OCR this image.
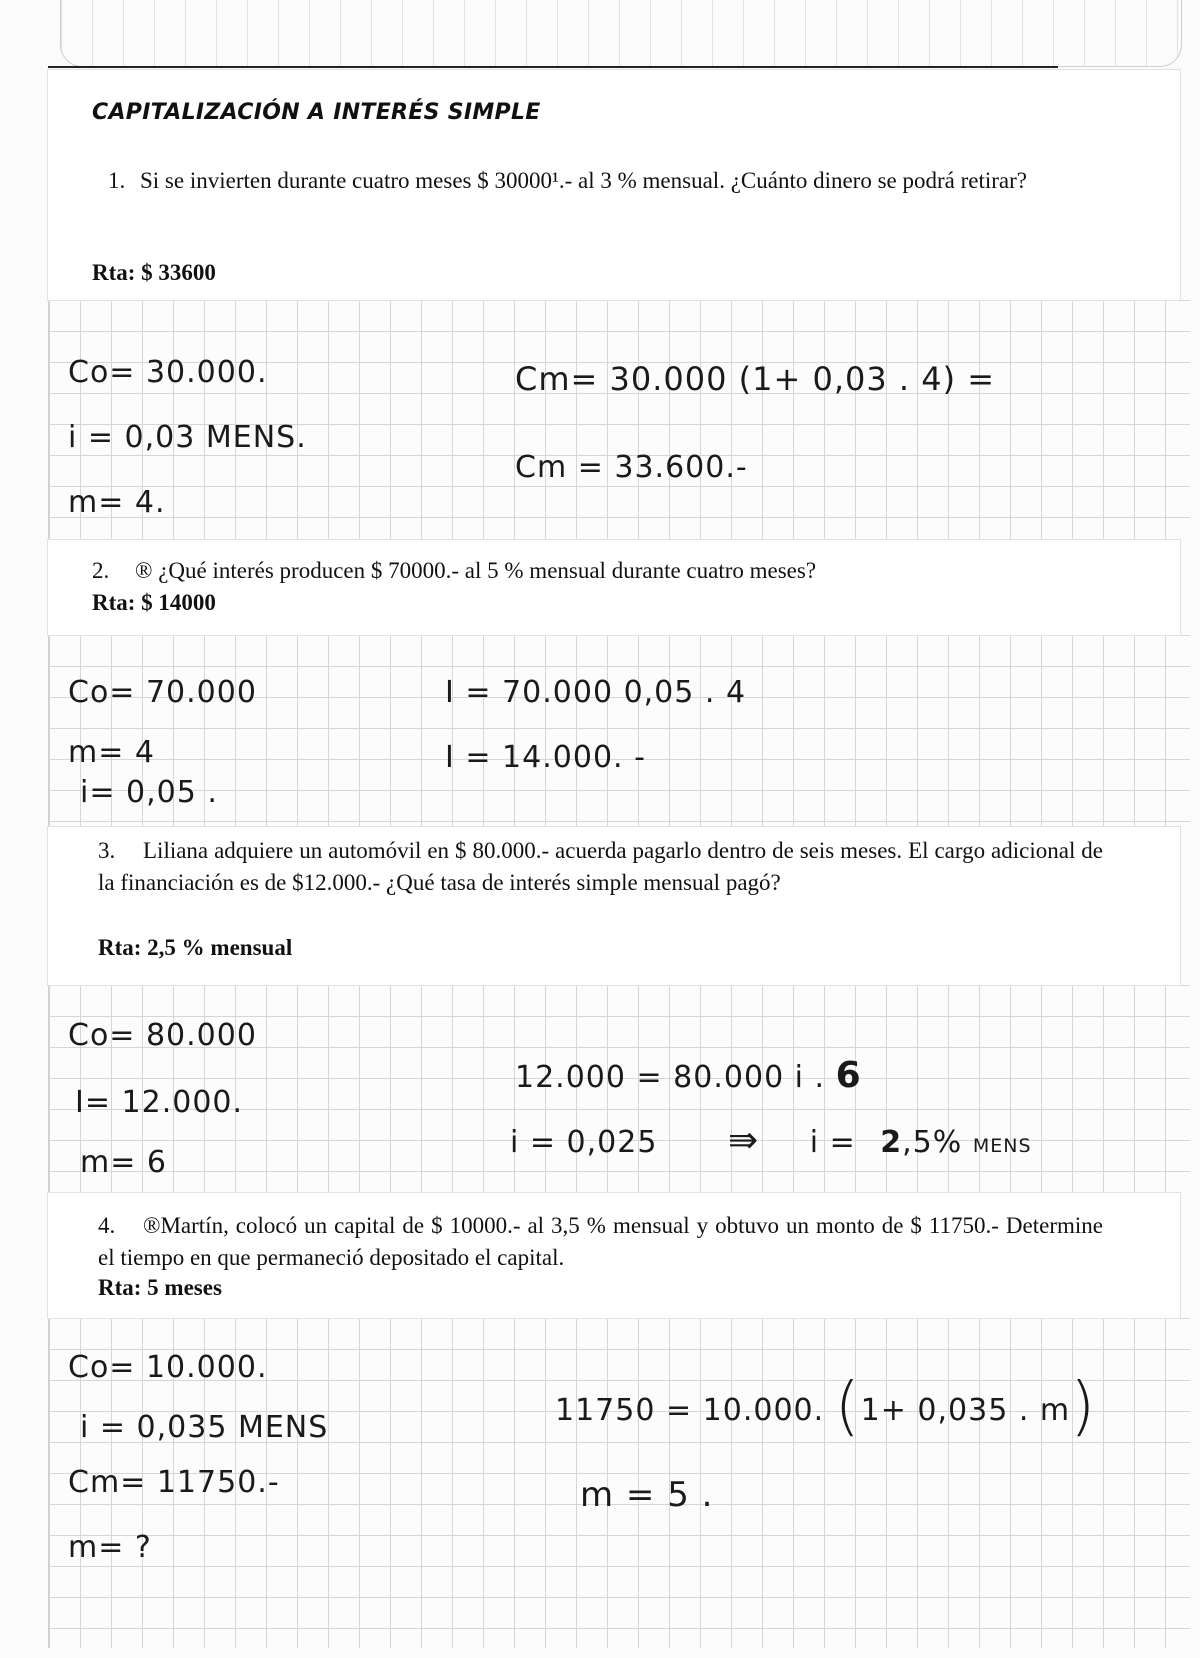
CAPITALIZACIÓN A INTERÉS SIMPLE
1. Si se invierten durante cuatro meses $ 30000¹.- al 3 % mensual. ¿Cuánto dinero se podrá retirar?
Rta: $ 33600
Co= 30.000.
i = 0,03 MENS.
m= 4.
Cm= 30.000 (1+ 0,03 . 4) =
Cm = 33.600.-
2. ® ¿Qué interés producen $ 70000.- al 5 % mensual durante cuatro meses?
Rta: $ 14000
Co= 70.000
m= 4
i= 0,05 .
I = 70.000 0,05 . 4
I = 14.000. -
3.	Liliana adquiere un automóvil en $ 80.000.- acuerda pagarlo dentro de seis meses. El cargo adicional de la financiación es de $12.000.- ¿Qué tasa de interés simple mensual pagó?
Rta: 2,5 % mensual
Co= 80.000
I= 12.000.
m= 6
12.000 = 80.000 i . 6
i = 0,025 ⇛ i = 2,5% MENS
4.	®Martín, colocó un capital de $ 10000.- al 3,5 % mensual y obtuvo un monto de $ 11750.- Determine el tiempo en que permaneció depositado el capital.
Rta: 5 meses
Co= 10.000.
i = 0,035 MENS
Cm= 11750.-
m= ?
11750 = 10.000. (1+ 0,035 . m)
m = 5 .
